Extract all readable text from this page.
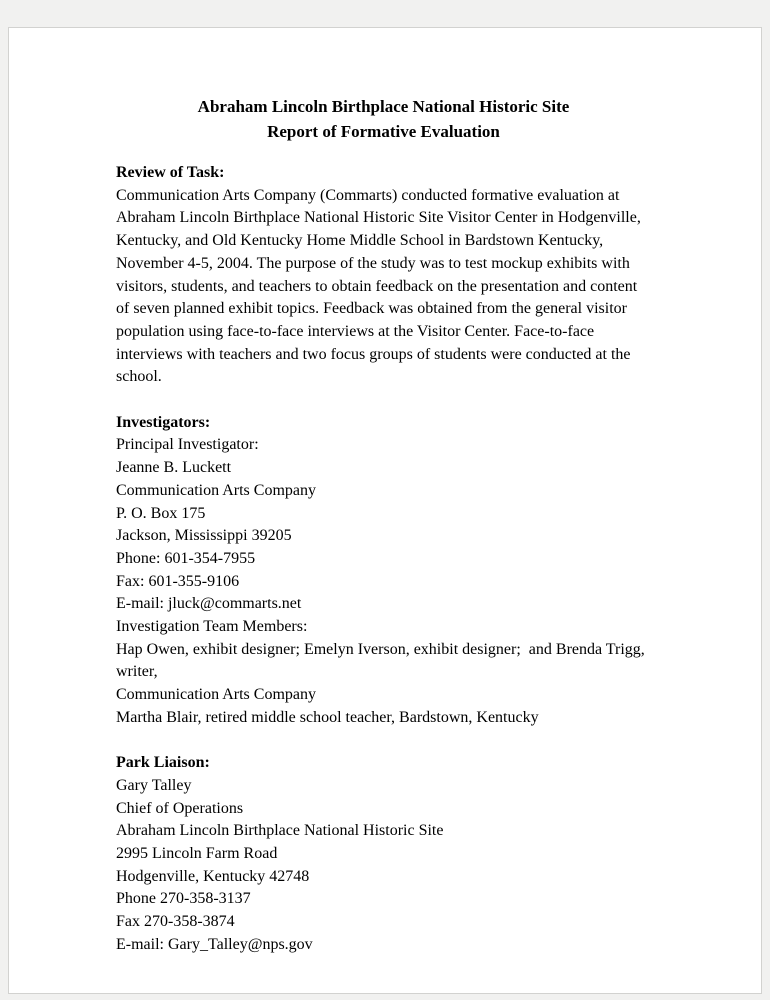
Abraham Lincoln Birthplace National Historic Site
Report of Formative Evaluation
Review of Task:

Communication Arts Company (Commarts) conducted formative evaluation at Abraham Lincoln Birthplace National Historic Site Visitor Center in Hodgenville, Kentucky, and Old Kentucky Home Middle School in Bardstown Kentucky, November 4-5, 2004. The purpose of the study was to test mockup exhibits with visitors, students, and teachers to obtain feedback on the presentation and content of seven planned exhibit topics. Feedback was obtained from the general visitor population using face-to-face interviews at the Visitor Center. Face-to-face interviews with teachers and two focus groups of students were conducted at the school.

Investigators:
Principal Investigator:
Jeanne B. Luckett
Communication Arts Company
P. O. Box 175
Jackson, Mississippi 39205
Phone: 601-354-7955
Fax: 601-355-9106
E-mail: jluck@commarts.net
Investigation Team Members:
Hap Owen, exhibit designer; Emelyn Iverson, exhibit designer;  and Brenda Trigg, writer,
Communication Arts Company
Martha Blair, retired middle school teacher, Bardstown, Kentucky
Park Liaison:
Gary Talley
Chief of Operations
Abraham Lincoln Birthplace National Historic Site
2995 Lincoln Farm Road
Hodgenville, Kentucky 42748
Phone 270-358-3137
Fax 270-358-3874
E-mail: Gary_Talley@nps.gov
